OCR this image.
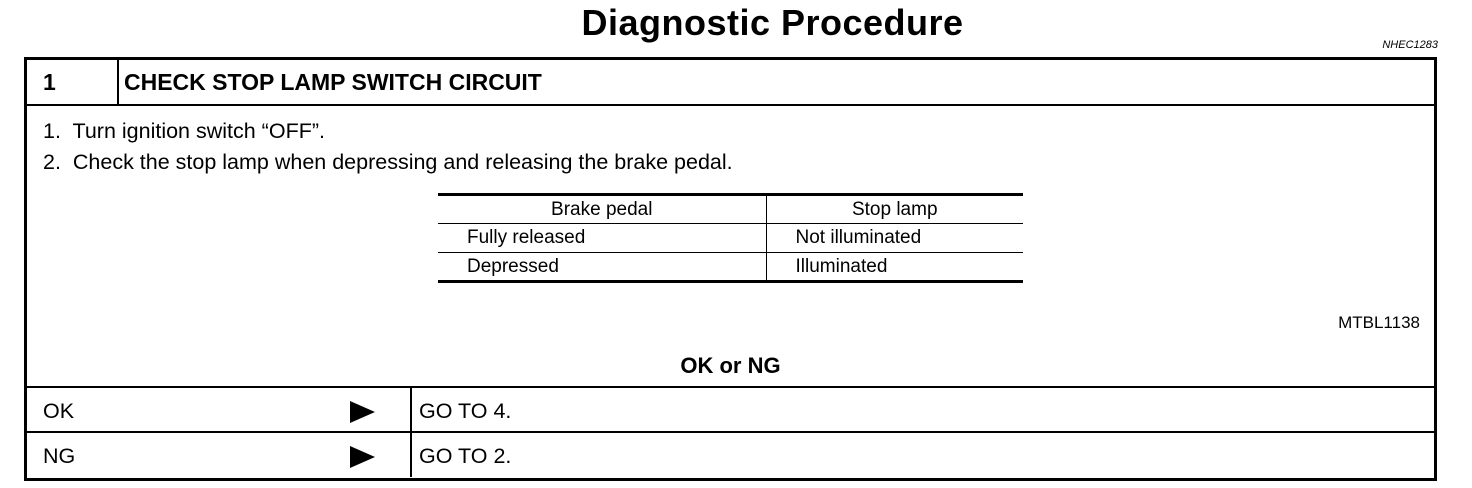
Diagnostic Procedure
NHEC1283
1	CHECK STOP LAMP SWITCH CIRCUIT
1.  Turn ignition switch “OFF”.
2.  Check the stop lamp when depressing and releasing the brake pedal.
Brake pedal	Stop lamp
Fully released	Not illuminated
Depressed	Illuminated
MTBL1138
OK or NG
OK	GO TO 4.
NG	GO TO 2.
